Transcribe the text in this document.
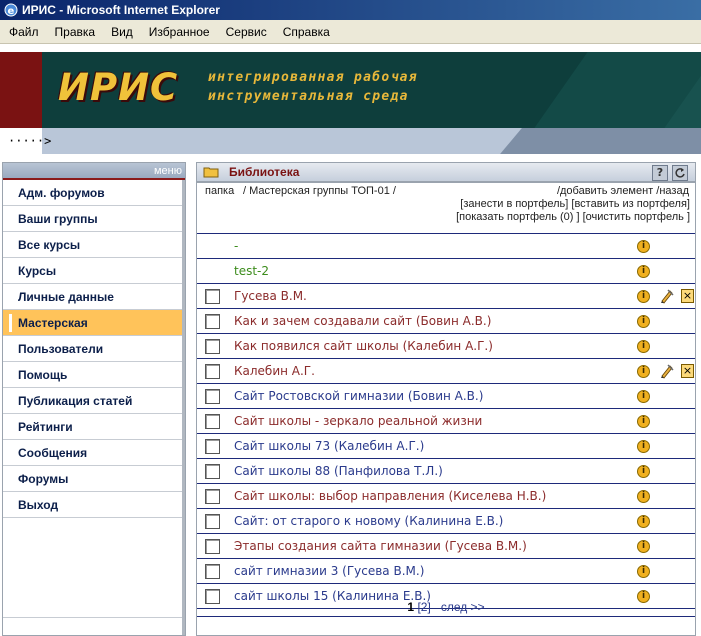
e ИРИС - Microsoft Internet Explorer
Файл	Правка	Вид	Избранное	Сервис	Справка
ИРИС интегрированная рабочая
инструментальная среда
·····>
меню
Адм. форумов
Ваши группы
Все курсы
Курсы
Личные данные
Мастерская
Пользователи
Помощь
Публикация статей
Рейтинги
Сообщения
Форумы
Выход
Библиотека	?
папка / Мастерская группы ТОП-01 /	/добавить элемент /назад
[занести в портфель] [вставить из портфеля]
[показать портфель (0) ] [очистить портфель ]
-	i
test-2	i
Гусева В.М.	i	×
Как и зачем создавали сайт (Бовин А.В.)	i
Как появился сайт школы (Калебин А.Г.)	i
Калебин А.Г.	i	×
Сайт Ростовской гимназии (Бовин А.В.)	i
Сайт школы - зеркало реальной жизни	i
Сайт школы 73 (Калебин А.Г.)	i
Сайт школы 88 (Панфилова Т.Л.)	i
Сайт школы: выбор направления (Киселева Н.В.)	i
Сайт: от старого к новому (Калинина Е.В.)	i
Этапы создания сайта гимназии (Гусева В.М.)	i
сайт гимназии 3 (Гусева В.М.)	i
сайт школы 15 (Калинина Е.В.)	i
1 [2] след >>
